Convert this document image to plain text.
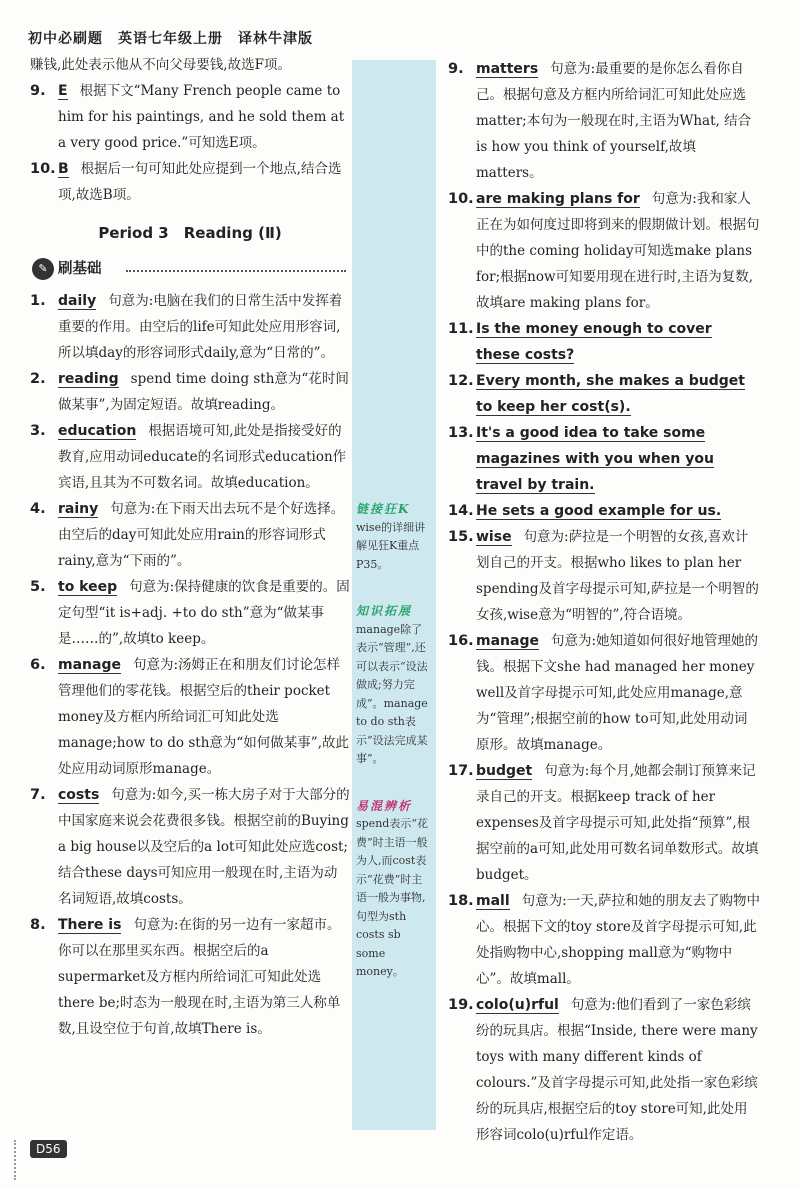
初中必刷题　英语七年级上册　译林牛津版
赚钱,此处表示他从不向父母要钱,故选F项。
9. E 根据下文“Many French people came to him for his paintings, and he sold them at a very good price.”可知选E项。
10. B 根据后一句可知此处应提到一个地点,结合选项,故选B项。
Period 3　Reading (Ⅱ)
✎ 刷基础
1. daily 句意为:电脑在我们的日常生活中发挥着重要的作用。由空后的life可知此处应用形容词,所以填day的形容词形式daily,意为“日常的”。
2. reading spend time doing sth意为“花时间做某事”,为固定短语。故填reading。
3. education 根据语境可知,此处是指接受好的教育,应用动词educate的名词形式education作宾语,且其为不可数名词。故填education。
4. rainy 句意为:在下雨天出去玩不是个好选择。由空后的day可知此处应用rain的形容词形式rainy,意为“下雨的”。
5. to keep 句意为:保持健康的饮食是重要的。固定句型“it is+adj. +to do sth”意为“做某事是……的”,故填to keep。
6. manage 句意为:汤姆正在和朋友们讨论怎样管理他们的零花钱。根据空后的their pocket money及方框内所给词汇可知此处选manage;how to do sth意为“如何做某事”,故此处应用动词原形manage。
7. costs 句意为:如今,买一栋大房子对于大部分的中国家庭来说会花费很多钱。根据空前的Buying a big house以及空后的a lot可知此处应选cost;结合these days可知应用一般现在时,主语为动名词短语,故填costs。
8. There is 句意为:在街的另一边有一家超市。你可以在那里买东西。根据空后的a supermarket及方框内所给词汇可知此处选there be;时态为一般现在时,主语为第三人称单数,且设空位于句首,故填There is。
链接狂K
wise的详细讲解见狂K重点P35。
知识拓展
manage除了表示“管理”,还可以表示“设法做成;努力完成”。manage to do sth表示“设法完成某事”。
易混辨析
spend表示“花费”时主语一般为人,而cost表示“花费”时主语一般为事物,句型为sth costs sb some money。
9. matters 句意为:最重要的是你怎么看你自己。根据句意及方框内所给词汇可知此处应选matter;本句为一般现在时,主语为What, 结合is how you think of yourself,故填matters。
10. are making plans for 句意为:我和家人正在为如何度过即将到来的假期做计划。根据句中的the coming holiday可知选make plans for;根据now可知要用现在进行时,主语为复数,故填are making plans for。
11. Is the money enough to cover these costs?
12. Every month, she makes a budget to keep her cost(s).
13. It's a good idea to take some magazines with you when you travel by train.
14. He sets a good example for us.
15. wise 句意为:萨拉是一个明智的女孩,喜欢计划自己的开支。根据who likes to plan her spending及首字母提示可知,萨拉是一个明智的女孩,wise意为“明智的”,符合语境。
16. manage 句意为:她知道如何很好地管理她的钱。根据下文she had managed her money well及首字母提示可知,此处应用manage,意为“管理”;根据空前的how to可知,此处用动词原形。故填manage。
17. budget 句意为:每个月,她都会制订预算来记录自己的开支。根据keep track of her expenses及首字母提示可知,此处指“预算”,根据空前的a可知,此处用可数名词单数形式。故填budget。
18. mall 句意为:一天,萨拉和她的朋友去了购物中心。根据下文的toy store及首字母提示可知,此处指购物中心,shopping mall意为“购物中心”。故填mall。
19. colo(u)rful 句意为:他们看到了一家色彩缤纷的玩具店。根据“Inside, there were many toys with many different kinds of colours.”及首字母提示可知,此处指一家色彩缤纷的玩具店,根据空后的toy store可知,此处用形容词colo(u)rful作定语。
D56
